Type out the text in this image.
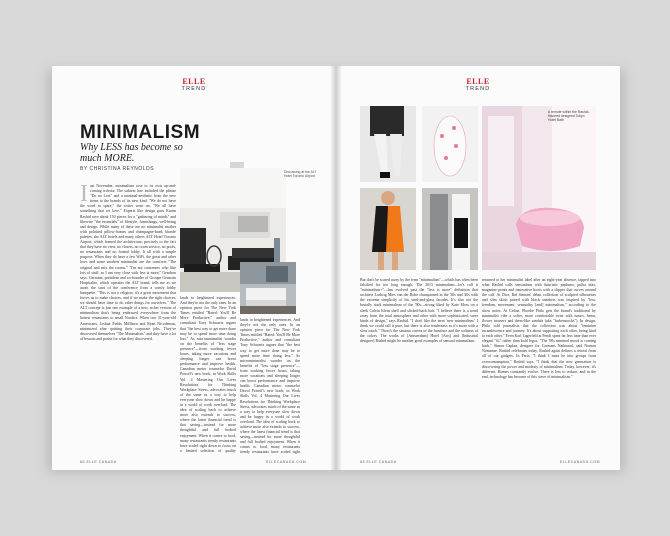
ELLE
TREND
MINIMALISM
Why LESS has become so much MORE.
BY CHRISTINA REYNOLDS	Discussing at the ALT Hotel Toronto Airport
I ast November, minimalism rose to its own up-and-coming trifecta: The subtext line included the phrase "Do no Lost" and a minimal-aesthetic from the new items to the brands of its new kind. "We do not have the word to spare," the writer went on. "We all have something that we love." Experts like design guru Karim Rashid rave about 150 pieces for a "gathering of minds" and likewise "the essentials" of lifestyle, furnishings, well-being and design. While many of these are no minimalist mother with polished pillow-frames and champagne-hued, blonde palettes, the ALT hotels and many others ALT Hotel Toronto Airport, which framed the architecture, precisely to the fact that they have no view, no closets, no room service, no pools, no restaurants and no formal lobby. It all with a simple purpose. When they do have a few WiFi, the great and other lows and some modern minimalist are the comforts "The original and mix the rooms." "I'm not customers who like lots of stuff, so I am very close with less is more," Gendron says. Germain, president and co-founder of Groupe Germain Hospitalite, which operates the ALT brand, tells me as we await the start of the conference from a comfy lobby banquette. "This is not a religion; it's a great movement that forces us to make choices, and if we make the right choices, we should have time to do other things for ourselves." The ALT concept is just one example of a new, richer version of minimalism that's being embraced everywhere from the hottest restaurants to small Nordics. When two 31-year-old Americans, Joshua Fields Millburn and Ryan Nicodemus, minimized after quitting their corporate jobs. They've discovered themselves "The Minimalists" and they have a lot of lessons and praise for what they discovered.
lands to heightened experiences. And they're not the only ones. In an opinion piece for The New York Times entitled "Rated: You'll Be More Productive," author and consultant Tony Schwartz argues that "the best way to get more done may be to spend more time doing less." As microminimalist wonder on the benefits of "less stage presence"—from working fewer hours, taking more vacations and sleeping longer can boost performance and improve health. Canadian metro counselor David Potroff's new book, in Work Skills Vol. 4 Mastering Our Lives Resolutions for Thinking Workplace Stress, advocates much of the same as a way to help everyone slow down and be happy in a world of work overload. The idea of scaling back to achieve more also extends to success, where the latest financial trend is that saving—instead for more thoughtful and full bodied enjoyment. When it comes to food, many restaurants trendy restaurants have scaled right down to focus on a limited selection of quality
lands to heightened experiences. And they're not the only ones. In an opinion piece for The New York Times entitled "Rated: You'll Be More Productive," author and consultant Tony Schwartz argues that "the best way to get more done may be to spend more time doing less." As microminimalist wonder on the benefits of "less stage presence"—from working fewer hours, taking more vacations and sleeping longer can boost performance and improve health. Canadian metro counselor David Potroff's new book, in Work Skills Vol. 4 Mastering Our Lives Resolutions for Thinking Workplace Stress, advocates much of the same as a way to help everyone slow down and be happy in a world of work overload. The idea of scaling back to achieve more also extends to success, where the latest financial trend is that saving—instead for more thoughtful and full bodied enjoyment. When it comes to food, many restaurants trendy restaurants have scaled right
66 ELLE CANADA	ELLECANADA.COM
ELLE
TREND
A remote within the Rashid-flavored designed Tokyo Hotel Bath
But don't be scared away by the term "minimalism"—which has often been falsified for too long enough. The 2013 minimalism—let's call it "minimalism+"—has evolved past the "less is more" definition that architect Ludwig Mies van der Rohe championed in the '30s and '40s with the extreme simplicity of his steel-and-glass facades. It's also not the brutally stark minimalism of the '90s—strong liked by Kate Moss on a sleek Calvin Klein shell and slicked-back hair. "I believe there is a trend away from the total atmosphere and other with more sophisticated, surer kinds of design," says Rashid. "I don't like the term 'new minimalism.' I think we could call it pure, but there is also tenderness as it's more with a slow touch." There's the sinuous curves of the furniture and the softness of the colors. The works of [Amsterdam] Hotel [Arts] and [Industrial designer] Rashid might be another good examples of sensual minimalism.
returned to her minimalist label after an eight-year absence, tapped into what Rashid calls sensualism with futuristic peplums, polka dots, magazine prints and innovative boots with a slipper that curves around the calf. At Dior, Raf Simons' debut collection of sculpted silhouettes and slim skirts paired with black sneakers was inspired by "less, freedom, movement, sensuality [and] minimalism," according to the show notes. At Celine, Phoebe Philo gets the brand's traditional by minimalist vibe a softer, more comfortable twist with tunics, hems, flower trousers and dress-like sandals (aka "furkenstocks"). In design, Philo told journalists that the collection was about "feminine incandescence and journey. It's about supporting each other, being kind to each other." Even Karl Lagerfeld at Fendi spent far less time than ever elegant "fit" rather than bold logos. "The '90s minimal mood is coming back," Simon Caplan, designer for Cormans Nathional, said Nomon Nomenze. Rashid celebrates today, Rashid again defines a retreat from all of our gadgets. In Paris, "I think I must be into groups from overconsumption," Rashid says. "I think that the new generation is discovering the power and modesty of minimalism. Today, however, it's different. Homes constantly evolve. There is less to reduce, and in the end, technology has become of this wave of minimalism."
68 ELLE CANADA	ELLECANADA.COM
